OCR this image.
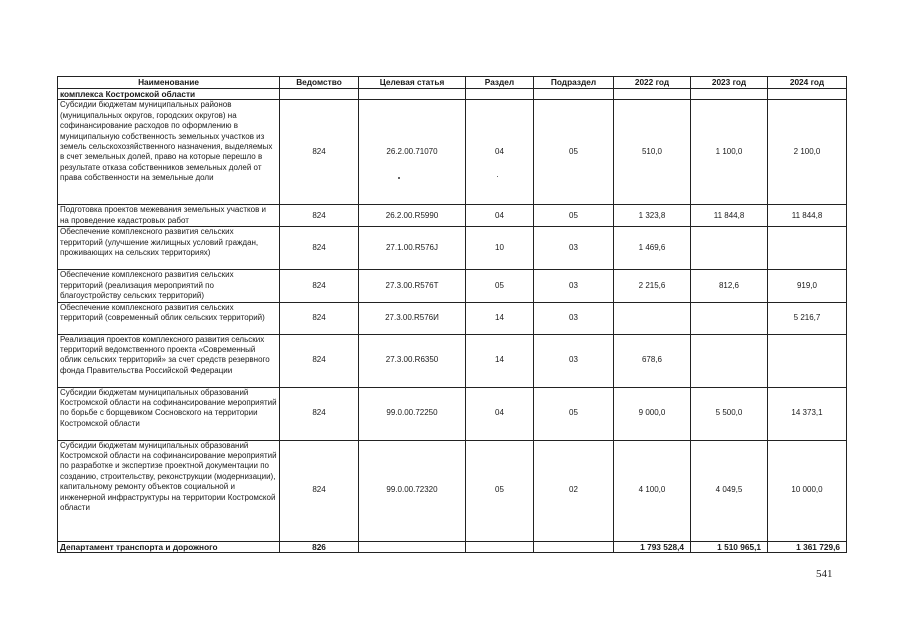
Наименование	Ведомство	Целевая статья	Раздел	Подраздел	2022 год	2023 год	2024 год
комплекса Костромской области							
Субсидии бюджетам муниципальных районов (муниципальных округов, городских округов) на софинансирование расходов по оформлению в муниципальную собственность земельных участков из земель сельскохозяйственного назначения, выделяемых в счет земельных долей, право на которые перешло в результате отказа собственников земельных долей от права собственности на земельные доли	824	26.2.00.71070	04	05	510,0	1 100,0	2 100,0
Подготовка проектов межевания земельных участков и на проведение кадастровых работ	824	26.2.00.R5990	04	05	1 323,8	11 844,8	11 844,8
Обеспечение комплексного развития сельских территорий (улучшение жилищных условий граждан, проживающих на сельских территориях)	824	27.1.00.R576J	10	03	1 469,6		
Обеспечение комплексного развития сельских территорий (реализация мероприятий по благоустройству сельских территорий)	824	27.3.00.R576T	05	03	2 215,6	812,6	919,0
Обеспечение комплексного развития сельских территорий (современный облик сельских территорий)	824	27.3.00.R576И	14	03			5 216,7
Реализация проектов комплексного развития сельских территорий ведомственного проекта «Современный облик сельских территорий» за счет средств резервного фонда Правительства Российской Федерации	824	27.3.00.R6350	14	03	678,6		
Субсидии бюджетам муниципальных образований Костромской области на софинансирование мероприятий по борьбе с борщевиком Сосновского на территории Костромской области	824	99.0.00.72250	04	05	9 000,0	5 500,0	14 373,1
Субсидии бюджетам муниципальных образований Костромской области на софинансирование мероприятий по разработке и экспертизе проектной документации по созданию, строительству, реконструкции (модернизации), капитальному ремонту объектов социальной и инженерной инфраструктуры на территории Костромской области	824	99.0.00.72320	05	02	4 100,0	4 049,5	10 000,0
Департамент транспорта и дорожного	826				1 793 528,4	1 510 965,1	1 361 729,6
541
